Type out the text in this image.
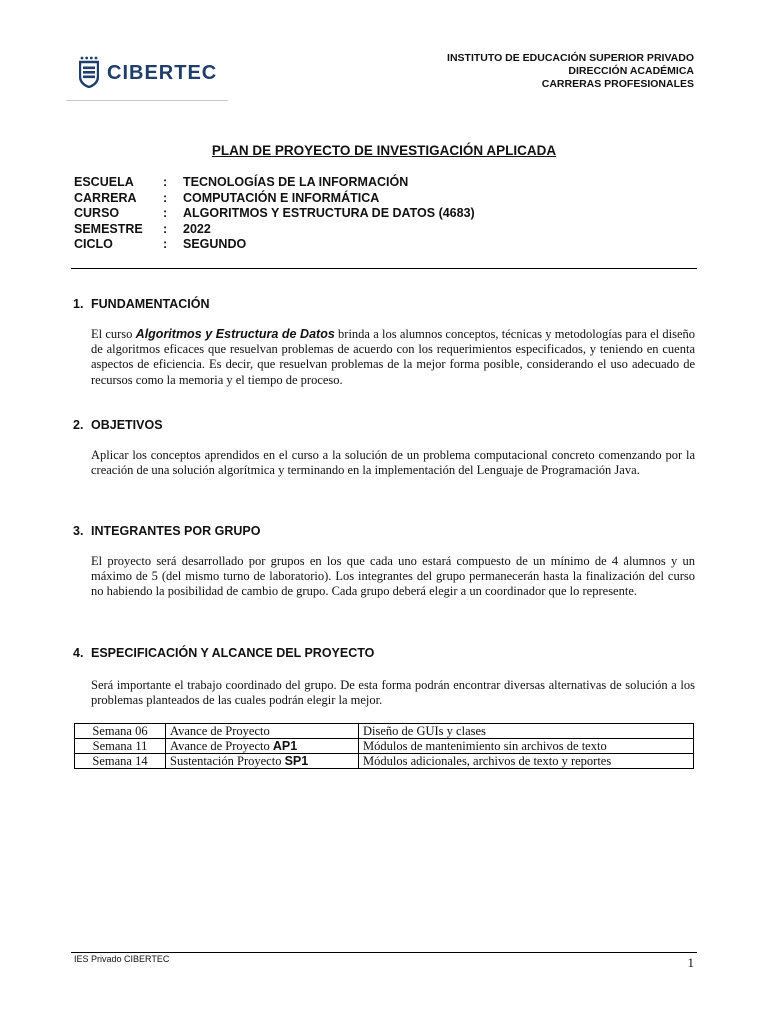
CIBERTEC
INSTITUTO DE EDUCACIÓN SUPERIOR PRIVADO
DIRECCIÓN ACADÉMICA
CARRERAS PROFESIONALES
PLAN DE PROYECTO DE INVESTIGACIÓN APLICADA
ESCUELA	:	TECNOLOGÍAS DE LA INFORMACIÓN
CARRERA	:	COMPUTACIÓN E INFORMÁTICA
CURSO	:	ALGORITMOS Y ESTRUCTURA DE DATOS (4683)
SEMESTRE	:	2022
CICLO	:	SEGUNDO
1. FUNDAMENTACIÓN
El curso Algoritmos y Estructura de Datos brinda a los alumnos conceptos, técnicas y metodologías para el diseño de algoritmos eficaces que resuelvan problemas de acuerdo con los requerimientos especificados, y teniendo en cuenta aspectos de eficiencia. Es decir, que resuelvan problemas de la mejor forma posible, considerando el uso adecuado de recursos como la memoria y el tiempo de proceso.
2. OBJETIVOS
Aplicar los conceptos aprendidos en el curso a la solución de un problema computacional concreto comenzando por la creación de una solución algorítmica y terminando en la implementación del Lenguaje de Programación Java.
3. INTEGRANTES POR GRUPO
El proyecto será desarrollado por grupos en los que cada uno estará compuesto de un mínimo de 4 alumnos y un máximo de 5 (del mismo turno de laboratorio). Los integrantes del grupo permanecerán hasta la finalización del curso no habiendo la posibilidad de cambio de grupo. Cada grupo deberá elegir a un coordinador que lo represente.
4. ESPECIFICACIÓN Y ALCANCE DEL PROYECTO
Será importante el trabajo coordinado del grupo. De esta forma podrán encontrar diversas alternativas de solución a los problemas planteados de las cuales podrán elegir la mejor.
Semana 06	Avance de Proyecto	Diseño de GUIs y clases
Semana 11	Avance de Proyecto AP1	Módulos de mantenimiento sin archivos de texto
Semana 14	Sustentación Proyecto SP1	Módulos adicionales, archivos de texto y reportes
IES Privado CIBERTEC	1
